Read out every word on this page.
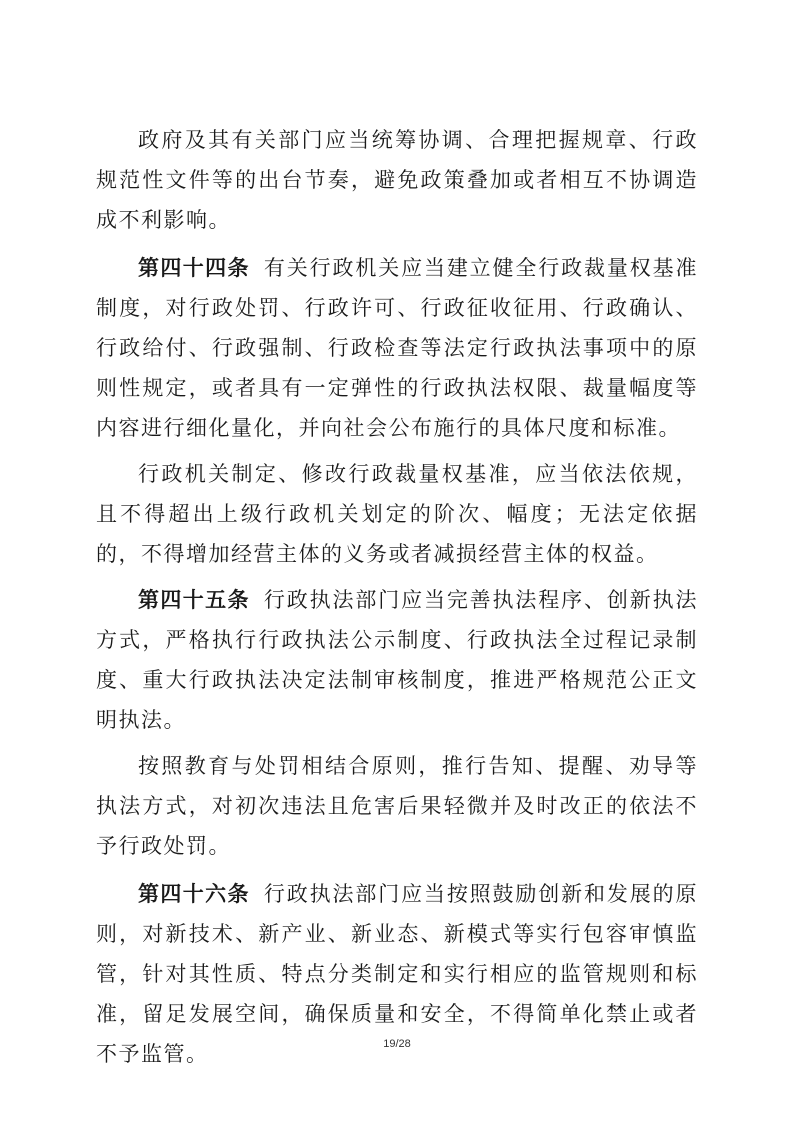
政府及其有关部门应当统筹协调、合理把握规章、行政规范性文件等的出台节奏，避免政策叠加或者相互不协调造成不利影响。

第四十四条 有关行政机关应当建立健全行政裁量权基准制度，对行政处罚、行政许可、行政征收征用、行政确认、行政给付、行政强制、行政检查等法定行政执法事项中的原则性规定，或者具有一定弹性的行政执法权限、裁量幅度等内容进行细化量化，并向社会公布施行的具体尺度和标准。

行政机关制定、修改行政裁量权基准，应当依法依规，且不得超出上级行政机关划定的阶次、幅度；无法定依据的，不得增加经营主体的义务或者减损经营主体的权益。

第四十五条 行政执法部门应当完善执法程序、创新执法方式，严格执行行政执法公示制度、行政执法全过程记录制度、重大行政执法决定法制审核制度，推进严格规范公正文明执法。

按照教育与处罚相结合原则，推行告知、提醒、劝导等执法方式，对初次违法且危害后果轻微并及时改正的依法不予行政处罚。

第四十六条 行政执法部门应当按照鼓励创新和发展的原则，对新技术、新产业、新业态、新模式等实行包容审慎监管，针对其性质、特点分类制定和实行相应的监管规则和标准，留足发展空间，确保质量和安全，不得简单化禁止或者不予监管。	19/28
